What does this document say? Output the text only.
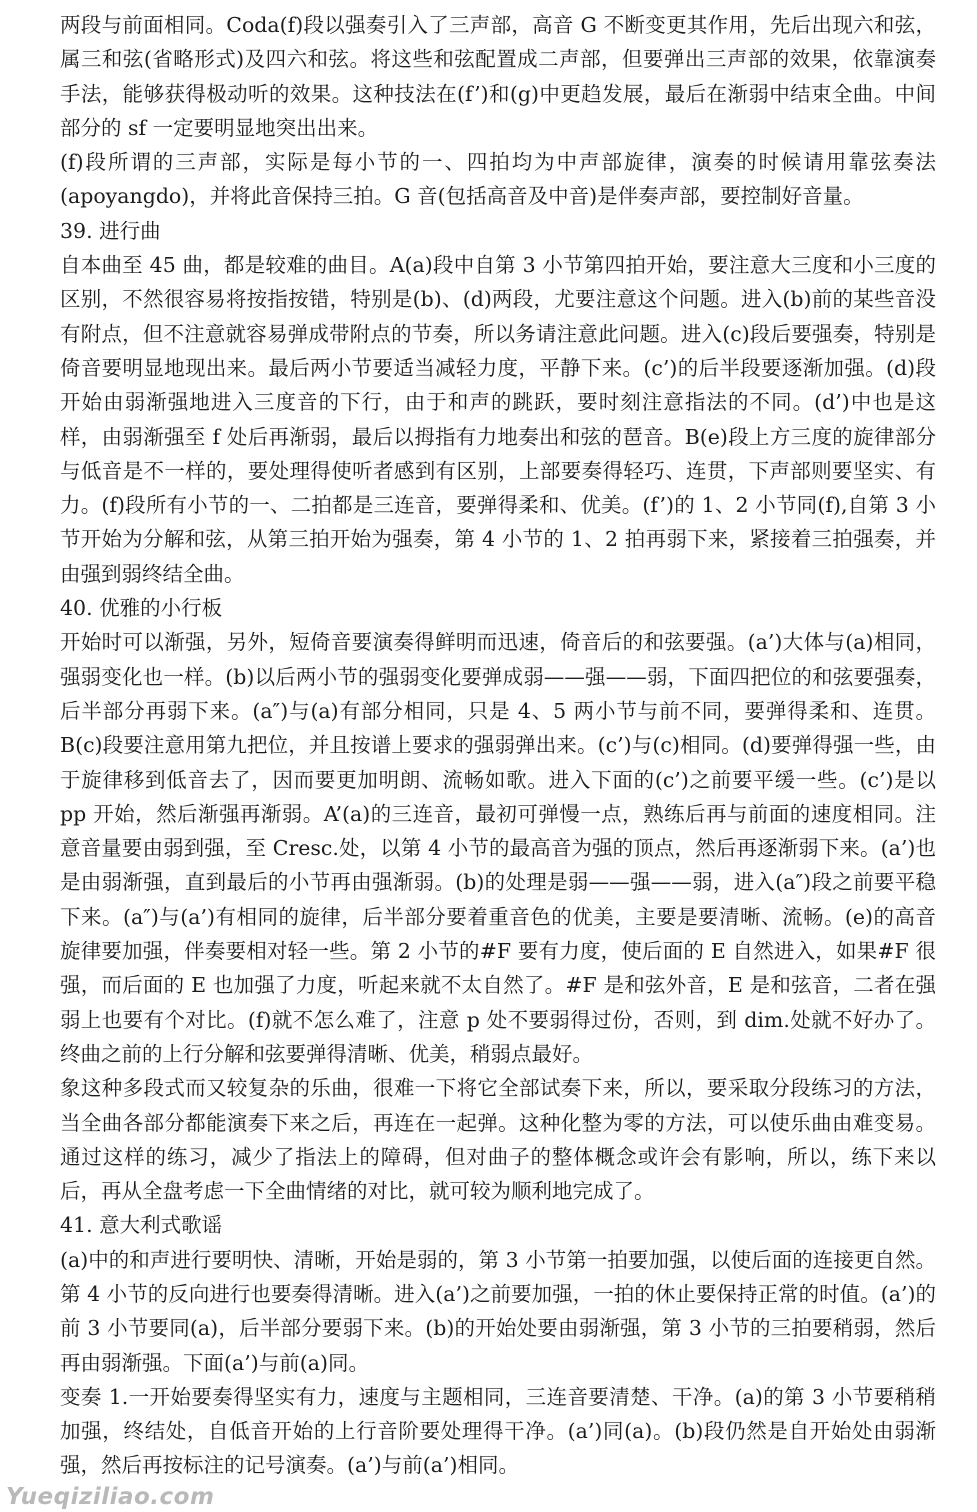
两段与前面相同。Coda(f)段以强奏引入了三声部，高音 G 不断变更其作用，先后出现六和弦，属三和弦(省略形式)及四六和弦。将这些和弦配置成二声部，但要弹出三声部的效果，依靠演奏手法，能够获得极动听的效果。这种技法在(f’)和(g)中更趋发展，最后在渐弱中结束全曲。中间部分的 sf 一定要明显地突出出来。

(f)段所谓的三声部，实际是每小节的一、四拍均为中声部旋律，演奏的时候请用靠弦奏法(apoyangdo)，并将此音保持三拍。G 音(包括高音及中音)是伴奏声部，要控制好音量。

39. 进行曲

自本曲至 45 曲，都是较难的曲目。A(a)段中自第 3 小节第四拍开始，要注意大三度和小三度的区别，不然很容易将按指按错，特别是(b)、(d)两段，尤要注意这个问题。进入(b)前的某些音没有附点，但不注意就容易弹成带附点的节奏，所以务请注意此问题。进入(c)段后要强奏，特别是倚音要明显地现出来。最后两小节要适当减轻力度，平静下来。(c’)的后半段要逐渐加强。(d)段开始由弱渐强地进入三度音的下行，由于和声的跳跃，要时刻注意指法的不同。(d’)中也是这样，由弱渐强至 f 处后再渐弱，最后以拇指有力地奏出和弦的琶音。B(e)段上方三度的旋律部分与低音是不一样的，要处理得使听者感到有区别，上部要奏得轻巧、连贯，下声部则要坚实、有力。(f)段所有小节的一、二拍都是三连音，要弹得柔和、优美。(f’)的 1、2 小节同(f),自第 3 小节开始为分解和弦，从第三拍开始为强奏，第 4 小节的 1、2 拍再弱下来，紧接着三拍强奏，并由强到弱终结全曲。

40. 优雅的小行板

开始时可以渐强，另外，短倚音要演奏得鲜明而迅速，倚音后的和弦要强。(a’)大体与(a)相同，强弱变化也一样。(b)以后两小节的强弱变化要弹成弱——强——弱，下面四把位的和弦要强奏，后半部分再弱下来。(a″)与(a)有部分相同，只是 4、5 两小节与前不同，要弹得柔和、连贯。B(c)段要注意用第九把位，并且按谱上要求的强弱弹出来。(c’)与(c)相同。(d)要弹得强一些，由于旋律移到低音去了，因而要更加明朗、流畅如歌。进入下面的(c’)之前要平缓一些。(c’)是以 pp 开始，然后渐强再渐弱。A’(a)的三连音，最初可弹慢一点，熟练后再与前面的速度相同。注意音量要由弱到强，至 Cresc.处，以第 4 小节的最高音为强的顶点，然后再逐渐弱下来。(a’)也是由弱渐强，直到最后的小节再由强渐弱。(b)的处理是弱——强——弱，进入(a″)段之前要平稳下来。(a″)与(a’)有相同的旋律，后半部分要着重音色的优美，主要是要清晰、流畅。(e)的高音旋律要加强，伴奏要相对轻一些。第 2 小节的#F 要有力度，使后面的 E 自然进入，如果#F 很强，而后面的 E 也加强了力度，听起来就不太自然了。#F 是和弦外音，E 是和弦音，二者在强弱上也要有个对比。(f)就不怎么难了，注意 p 处不要弱得过份，否则，到 dim.处就不好办了。终曲之前的上行分解和弦要弹得清晰、优美，稍弱点最好。

象这种多段式而又较复杂的乐曲，很难一下将它全部试奏下来，所以，要采取分段练习的方法，当全曲各部分都能演奏下来之后，再连在一起弹。这种化整为零的方法，可以使乐曲由难变易。通过这样的练习，减少了指法上的障碍，但对曲子的整体概念或许会有影响，所以，练下来以后，再从全盘考虑一下全曲情绪的对比，就可较为顺利地完成了。

41. 意大利式歌谣

(a)中的和声进行要明快、清晰，开始是弱的，第 3 小节第一拍要加强，以使后面的连接更自然。第 4 小节的反向进行也要奏得清晰。进入(a’)之前要加强，一拍的休止要保持正常的时值。(a’)的前 3 小节要同(a)，后半部分要弱下来。(b)的开始处要由弱渐强，第 3 小节的三拍要稍弱，然后再由弱渐强。下面(a’)与前(a)同。

变奏 1.一开始要奏得坚实有力，速度与主题相同，三连音要清楚、干净。(a)的第 3 小节要稍稍加强，终结处，自低音开始的上行音阶要处理得干净。(a’)同(a)。(b)段仍然是自开始处由弱渐强，然后再按标注的记号演奏。(a’)与前(a’)相同。

Yueqiziliao.com
